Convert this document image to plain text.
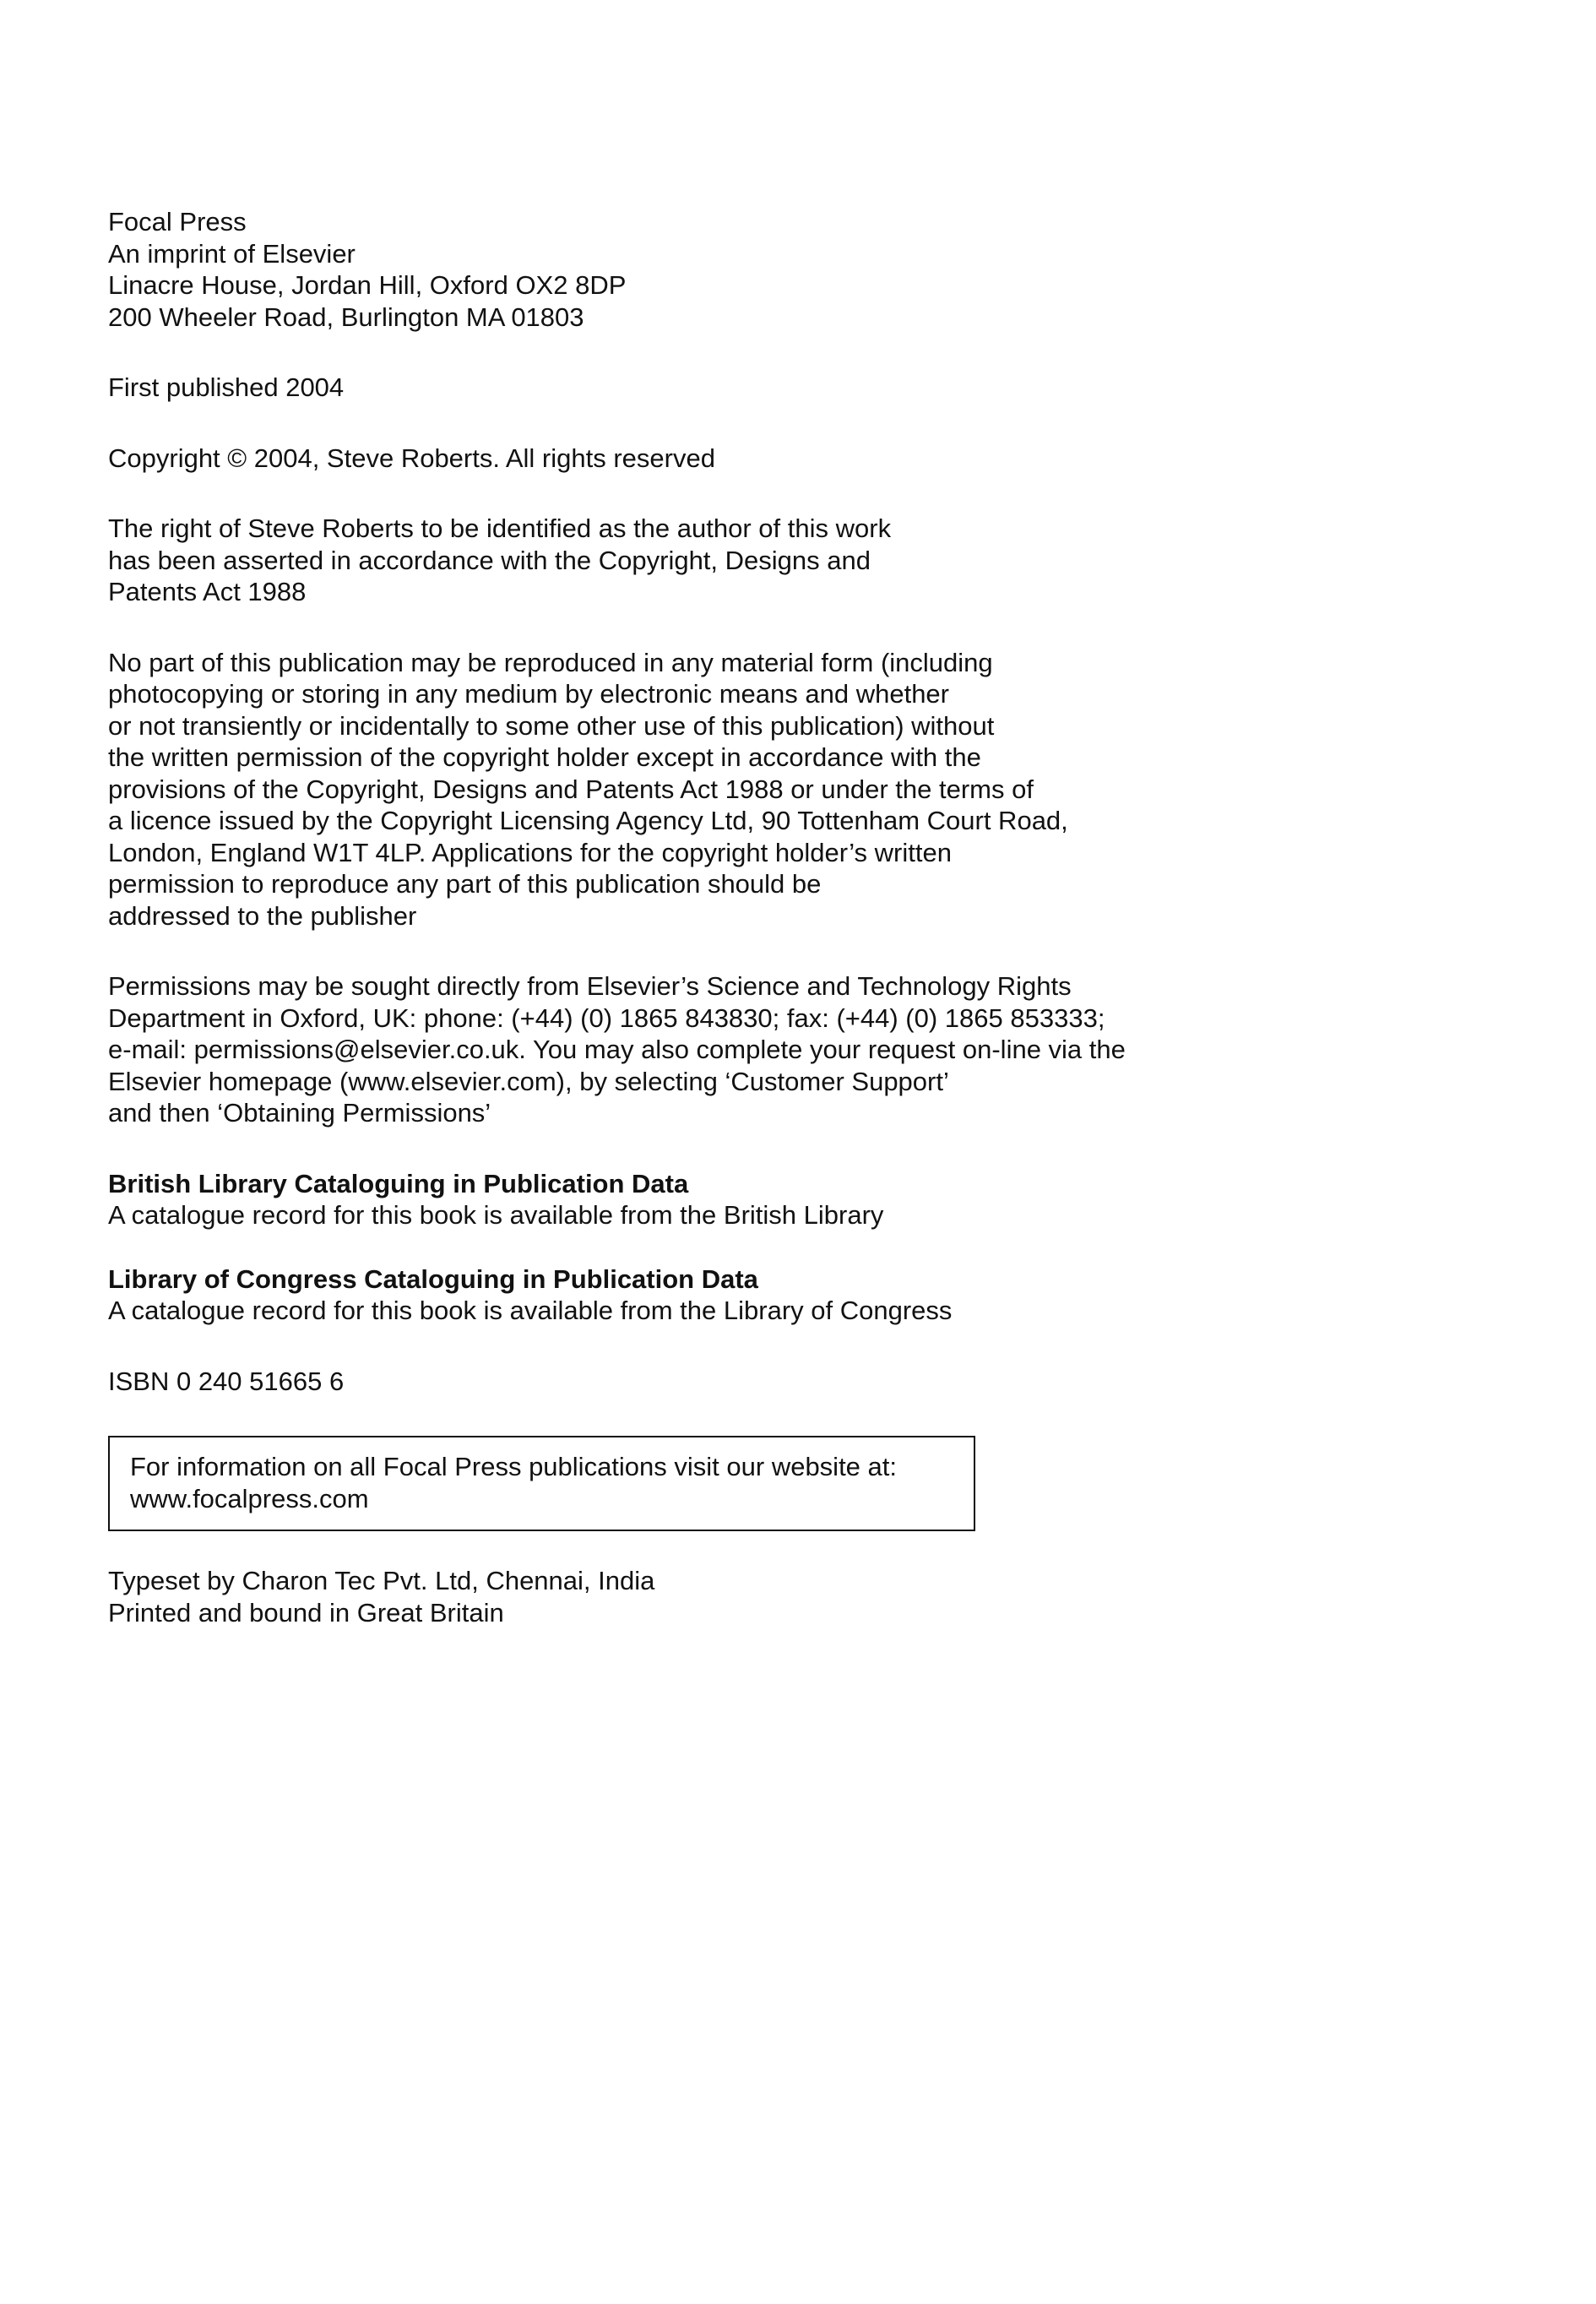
Focal Press
An imprint of Elsevier
Linacre House, Jordan Hill, Oxford OX2 8DP
200 Wheeler Road, Burlington MA 01803
First published 2004
Copyright © 2004, Steve Roberts. All rights reserved
The right of Steve Roberts to be identified as the author of this work
has been asserted in accordance with the Copyright, Designs and
Patents Act 1988
No part of this publication may be reproduced in any material form (including
photocopying or storing in any medium by electronic means and whether
or not transiently or incidentally to some other use of this publication) without
the written permission of the copyright holder except in accordance with the
provisions of the Copyright, Designs and Patents Act 1988 or under the terms of
a licence issued by the Copyright Licensing Agency Ltd, 90 Tottenham Court Road,
London, England W1T 4LP. Applications for the copyright holder’s written
permission to reproduce any part of this publication should be
addressed to the publisher
Permissions may be sought directly from Elsevier’s Science and Technology Rights
Department in Oxford, UK: phone: (+44) (0) 1865 843830; fax: (+44) (0) 1865 853333;
e-mail: permissions@elsevier.co.uk. You may also complete your request on-line via the
Elsevier homepage (www.elsevier.com), by selecting ‘Customer Support’
and then ‘Obtaining Permissions’
British Library Cataloguing in Publication Data
A catalogue record for this book is available from the British Library
Library of Congress Cataloguing in Publication Data
A catalogue record for this book is available from the Library of Congress
ISBN 0 240 51665 6
For information on all Focal Press publications visit our website at:
www.focalpress.com
Typeset by Charon Tec Pvt. Ltd, Chennai, India
Printed and bound in Great Britain
